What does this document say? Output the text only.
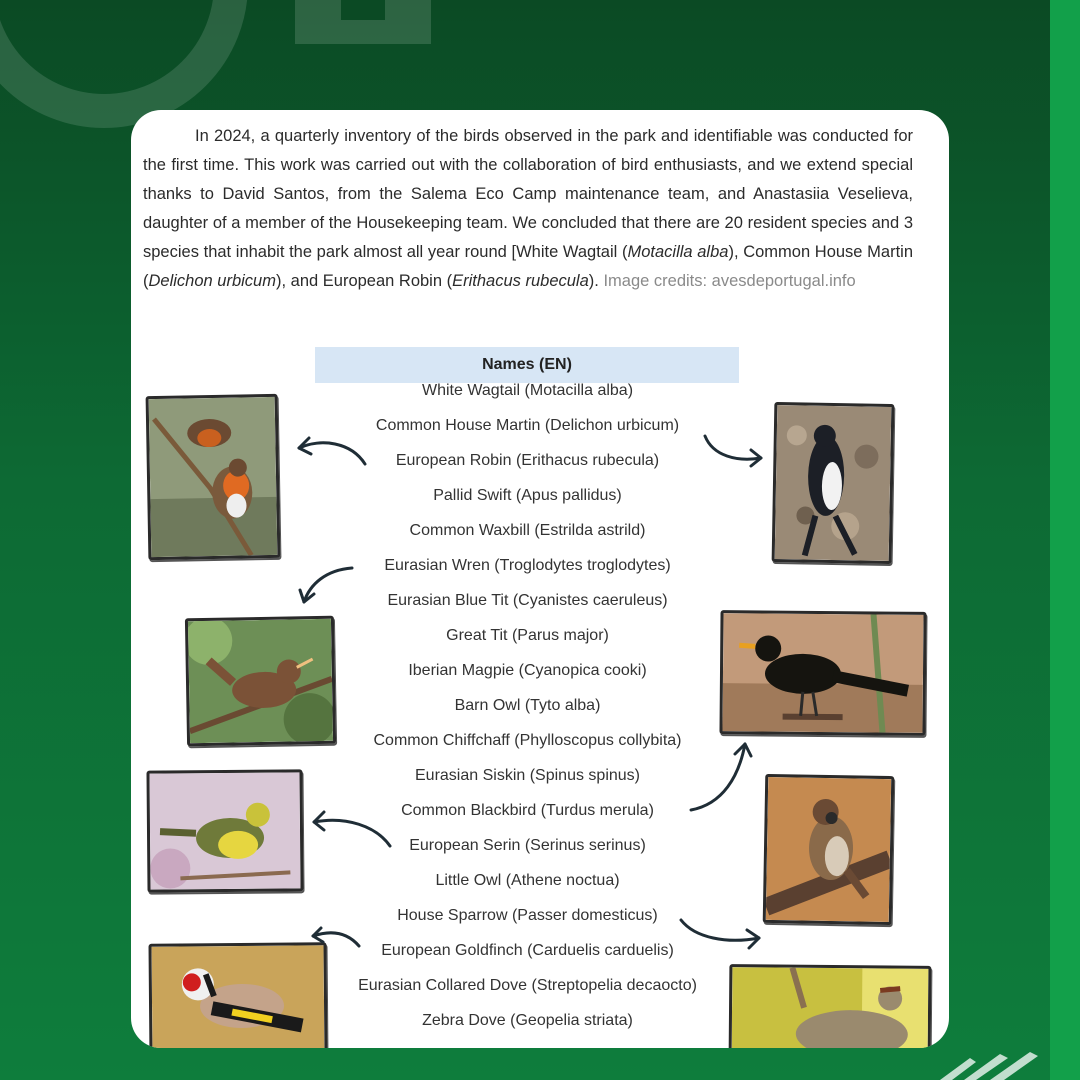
In 2024, a quarterly inventory of the birds observed in the park and identifiable was conducted for the first time. This work was carried out with the collaboration of bird enthusiasts, and we extend special thanks to David Santos, from the Salema Eco Camp maintenance team, and Anastasiia Veselieva, daughter of a member of the Housekeeping team. We concluded that there are 20 resident species and 3 species that inhabit the park almost all year round [White Wagtail (Motacilla alba), Common House Martin (Delichon urbicum), and European Robin (Erithacus rubecula). Image credits: avesdeportugal.info

Names (EN)
White Wagtail (Motacilla alba)
Common House Martin (Delichon urbicum)
European Robin (Erithacus rubecula)
Pallid Swift (Apus pallidus)
Common Waxbill (Estrilda astrild)
Eurasian Wren (Troglodytes troglodytes)
Eurasian Blue Tit (Cyanistes caeruleus)
Great Tit (Parus major)
Iberian Magpie (Cyanopica cooki)
Barn Owl (Tyto alba)
Common Chiffchaff (Phylloscopus collybita)
Eurasian Siskin (Spinus spinus)
Common Blackbird (Turdus merula)
European Serin (Serinus serinus)
Little Owl (Athene noctua)
House Sparrow (Passer domesticus)
European Goldfinch (Carduelis carduelis)
Eurasian Collared Dove (Streptopelia decaocto)
Zebra Dove (Geopelia striata)
